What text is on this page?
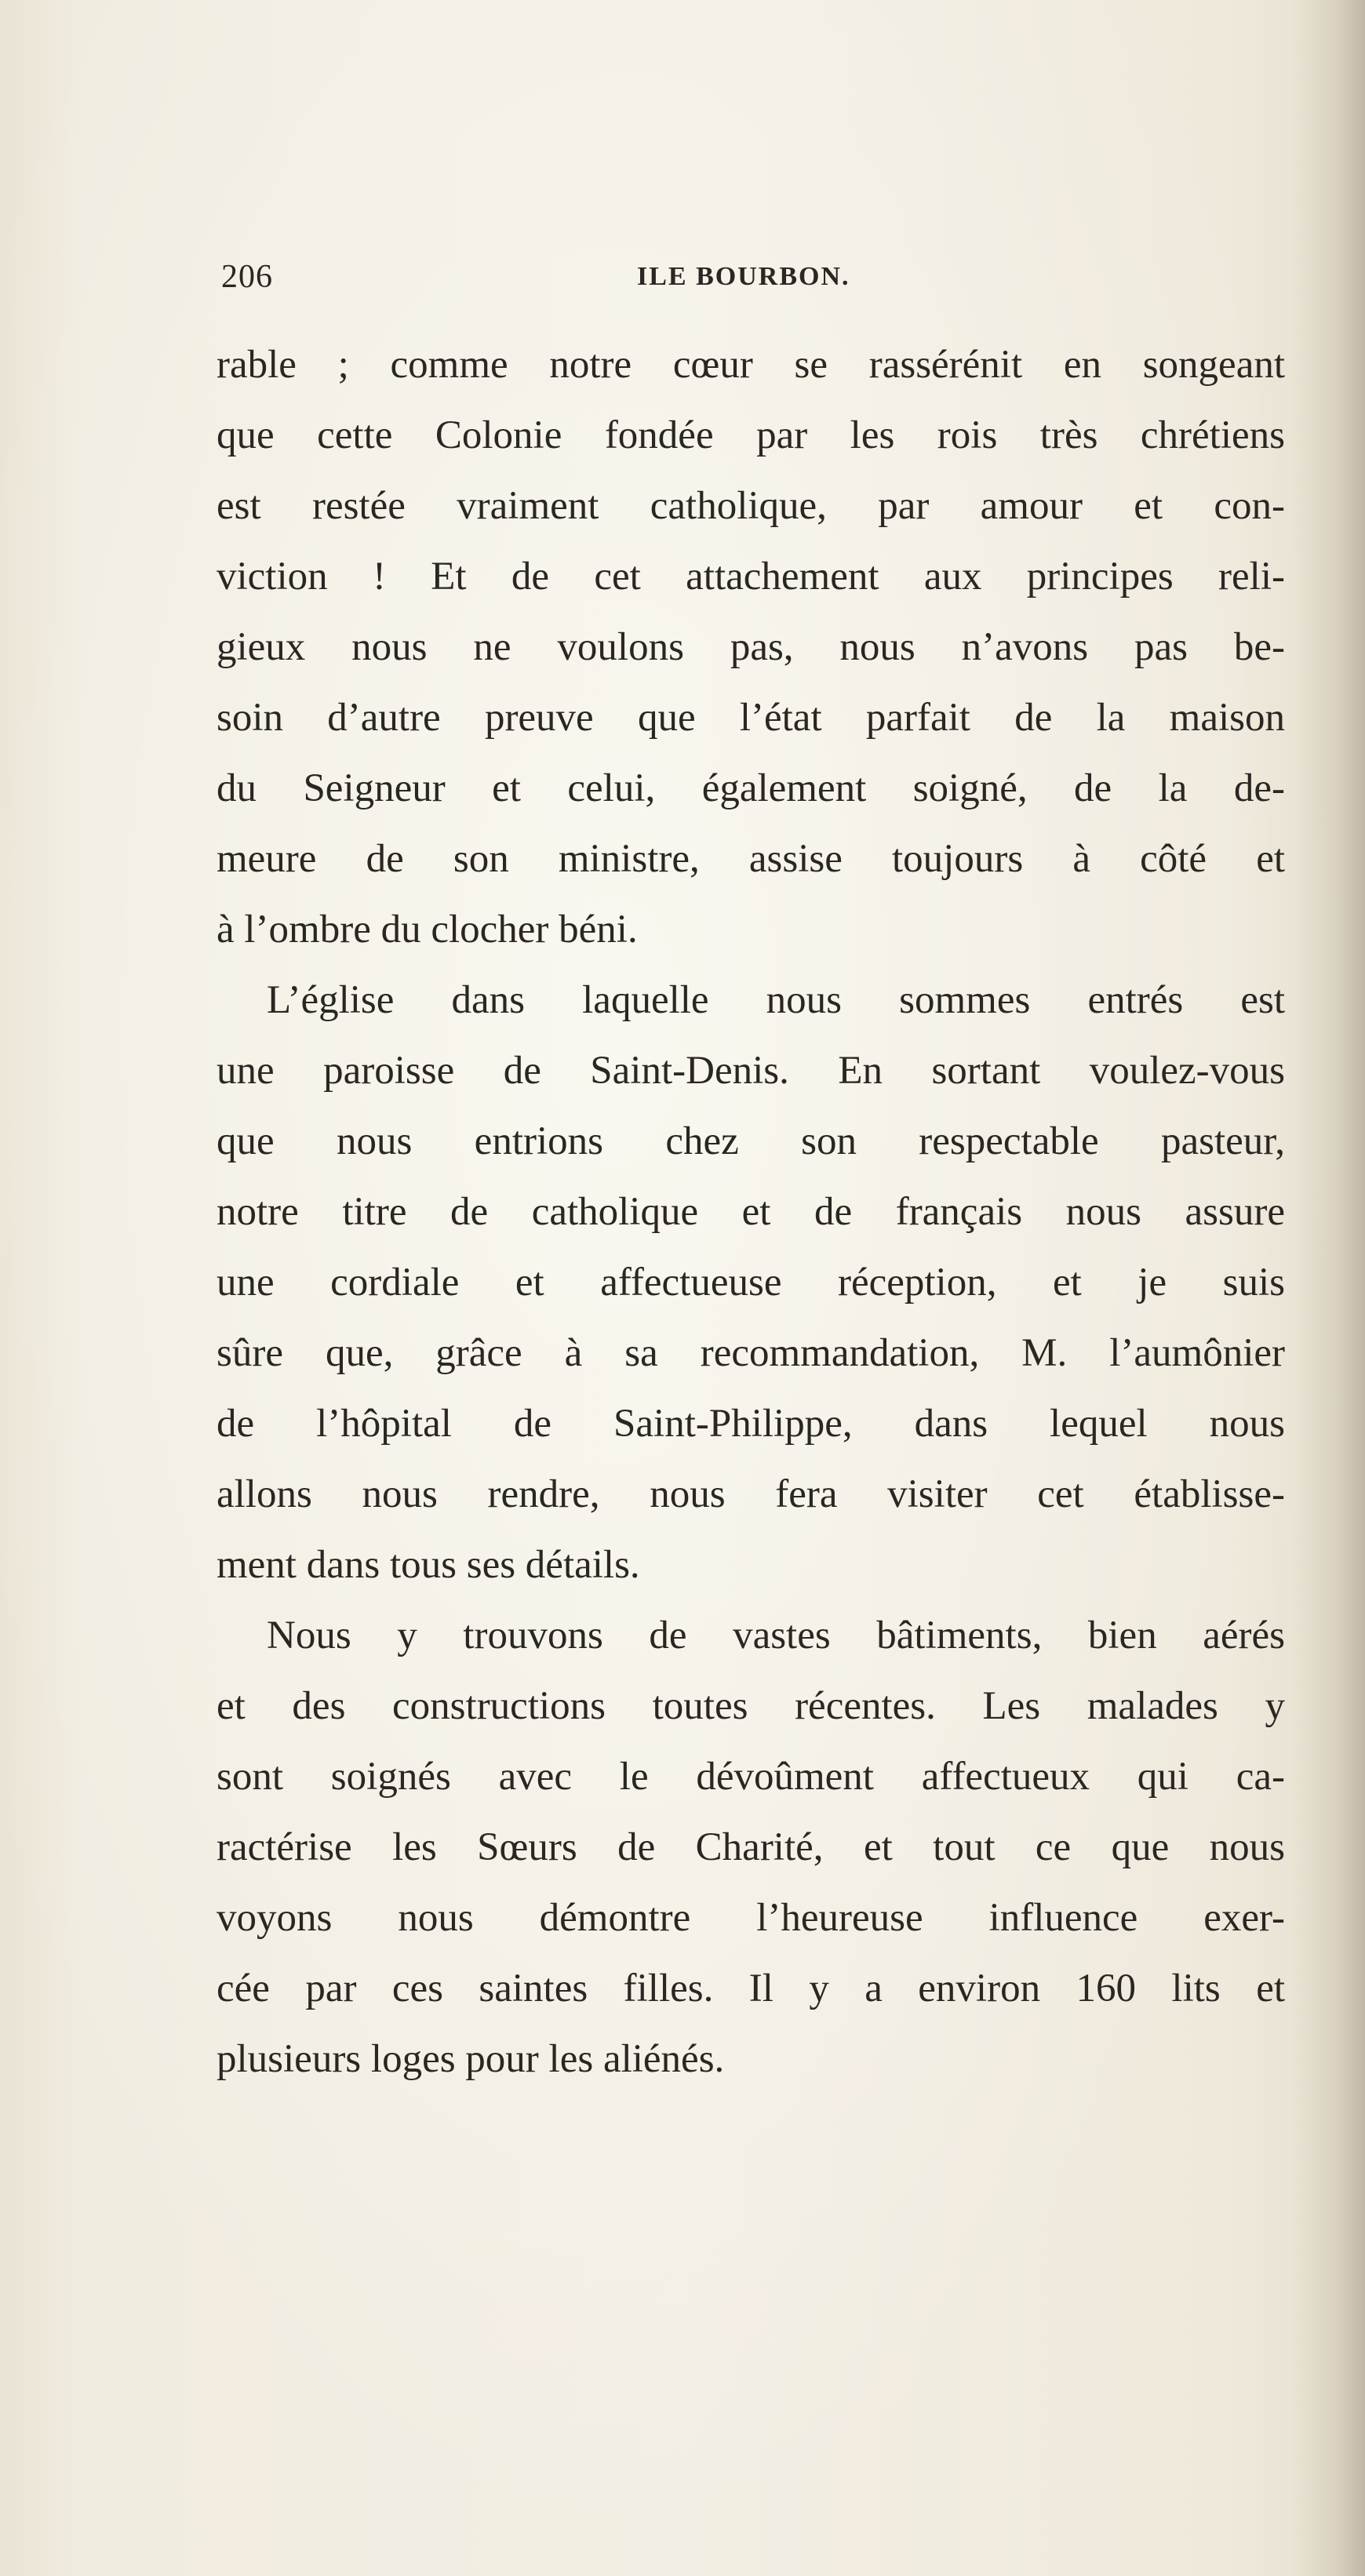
206	ILE BOURBON.
rable ; comme notre cœur se rassérénit en songeant
que cette Colonie fondée par les rois très chrétiens
est restée vraiment catholique, par amour et con-
viction ! Et de cet attachement aux principes reli-
gieux nous ne voulons pas, nous n’avons pas be-
soin d’autre preuve que l’état parfait de la maison
du Seigneur et celui, également soigné, de la de-
meure de son ministre, assise toujours à côté et
à l’ombre du clocher béni.
L’église dans laquelle nous sommes entrés est
une paroisse de Saint-Denis. En sortant voulez-vous
que nous entrions chez son respectable pasteur,
notre titre de catholique et de français nous assure
une cordiale et affectueuse réception, et je suis
sûre que, grâce à sa recommandation, M. l’aumônier
de l’hôpital de Saint-Philippe, dans lequel nous
allons nous rendre, nous fera visiter cet établisse-
ment dans tous ses détails.
Nous y trouvons de vastes bâtiments, bien aérés
et des constructions toutes récentes. Les malades y
sont soignés avec le dévoûment affectueux qui ca-
ractérise les Sœurs de Charité, et tout ce que nous
voyons nous démontre l’heureuse influence exer-
cée par ces saintes filles. Il y a environ 160 lits et
plusieurs loges pour les aliénés.
